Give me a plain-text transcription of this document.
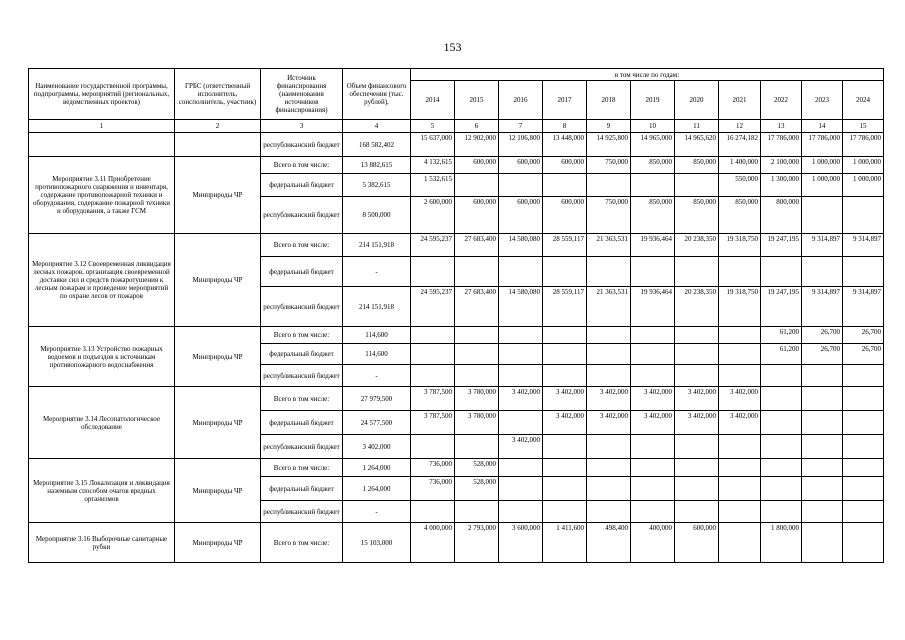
153
Наименование государственной программы, подпрограммы, мероприятий (региональных, ведомственных проектов)	ГРБС (ответственный исполнитель, соисполнитель, участник)	Источник финансирования (наименования источников финансирования)	Объем финансового обеспечения (тыс. рублей),	в том числе по годам:										
				2014	2015	2016	2017	2018	2019	2020	2021	2022	2023	2024
1	2	3	4	5	6	7	8	9	10	11	12	13	14	15
		республиканский бюджет	168 582,402	15 637,000	12 902,000	12 106,800	13 448,000	14 925,800	14 965,000	14 965,620	16 274,182	17 786,000	17 786,000	17 786,000
Мероприятие 3.11 Приобретение противопожарного снаряжения и инвентаря, содержание противопожарной техники и оборудования, содержание пожарной техники и оборудования, а также ГСМ	Минприроды ЧР	Всего в том числе:	13 882,615	4 132,615	600,000	600,000	600,000	750,000	850,000	850,000	1 400,000	2 100,000	1 000,000	1 000,000
		федеральный бюджет	5 382,615	1 532,615							550,000	1 300,000	1 000,000	1 000,000
		республиканский бюджет	8 500,000	2 600,000	600,000	600,000	600,000	750,000	850,000	850,000	850,000	800,000		
Мероприятие 3.12 Своевременная ликвидация лесных пожаров, организация своевременной доставки сил и средств пожаротушения к лесным пожарам и проведение мероприятий по охране лесов от пожаров	Минприроды ЧР	Всего в том числе:	214 151,918	24 595,237	27 683,400	14 580,080	28 559,117	21 363,531	19 936,464	20 238,350	19 318,750	19 247,195	9 314,897	9 314,897
		федеральный бюджет	-											
		республиканский бюджет	214 151,918	24 595,237	27 683,400	14 580,080	28 559,117	21 363,531	19 936,464	20 238,350	19 318,750	19 247,195	9 314,897	9 314,897
Мероприятие 3.13 Устройство пожарных водоемов и подъездов к источникам противопожарного водоснабжения	Минприроды ЧР	Всего в том числе:	114,600									61,200	26,700	26,700
		федеральный бюджет	114,600									61,200	26,700	26,700
		республиканский бюджет	-											
Мероприятие 3.14 Лесопатологическое обследование	Минприроды ЧР	Всего в том числе:	27 979,500	3 787,500	3 780,000	3 402,000	3 402,000	3 402,000	3 402,000	3 402,000	3 402,000			
		федеральный бюджет	24 577,500	3 787,500	3 780,000		3 402,000	3 402,000	3 402,000	3 402,000	3 402,000			
		республиканский бюджет	3 402,000			3 402,000								
Мероприятие 3.15 Локализация и ликвидация наземным способом очагов вредных организмов	Минприроды ЧР	Всего в том числе:	1 264,000	736,000	528,000									
		федеральный бюджет	1 264,000	736,000	528,000									
		республиканский бюджет	-											
Мероприятие 3.16 Выборочные санитарные рубки	Минприроды ЧР	Всего в том числе:	15 103,000	4 000,000	2 793,000	3 600,000	1 411,600	498,400	400,000	600,000		1 800,000		
